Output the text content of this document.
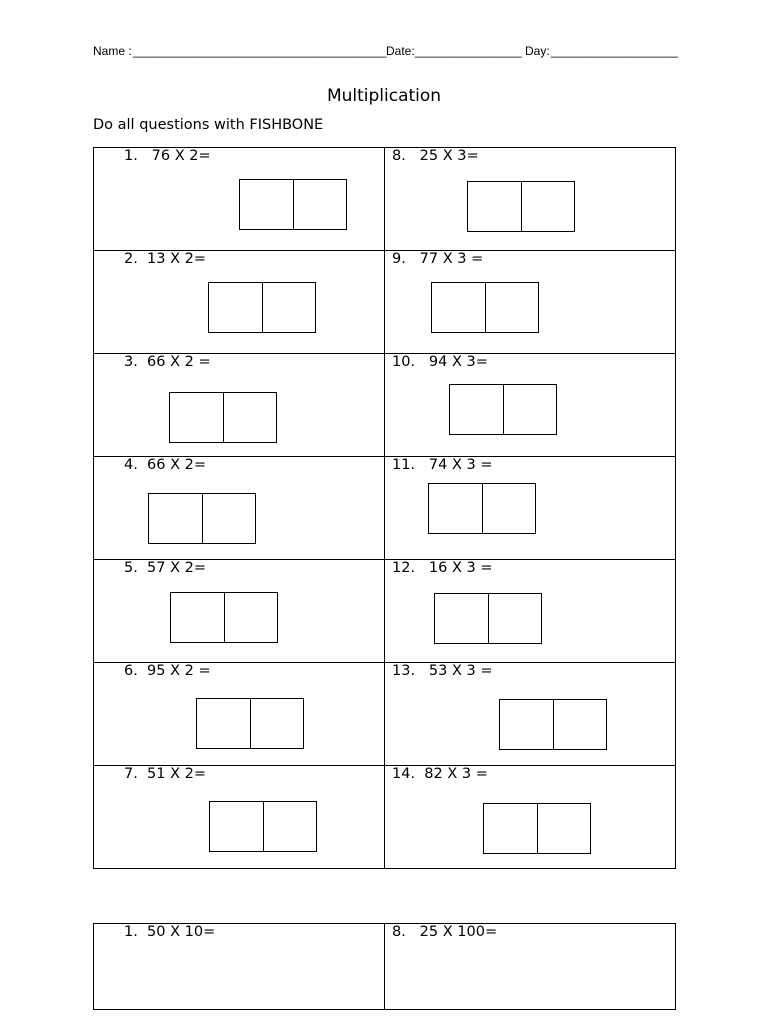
Name : ______________________________________ Date: ________________ Day: ___________________
Multiplication
Do all questions with FISHBONE
1.   76 X 2=	8.   25 X 3=

2.  13 X 2=	9.   77 X 3 =

3.  66 X 2 =	10.   94 X 3=

4.  66 X 2=	11.   74 X 3 =

5.  57 X 2=	12.   16 X 3 =

6.  95 X 2 =	13.   53 X 3 =

7.  51 X 2=	14.  82 X 3 =
1.  50 X 10=	8.   25 X 100=
